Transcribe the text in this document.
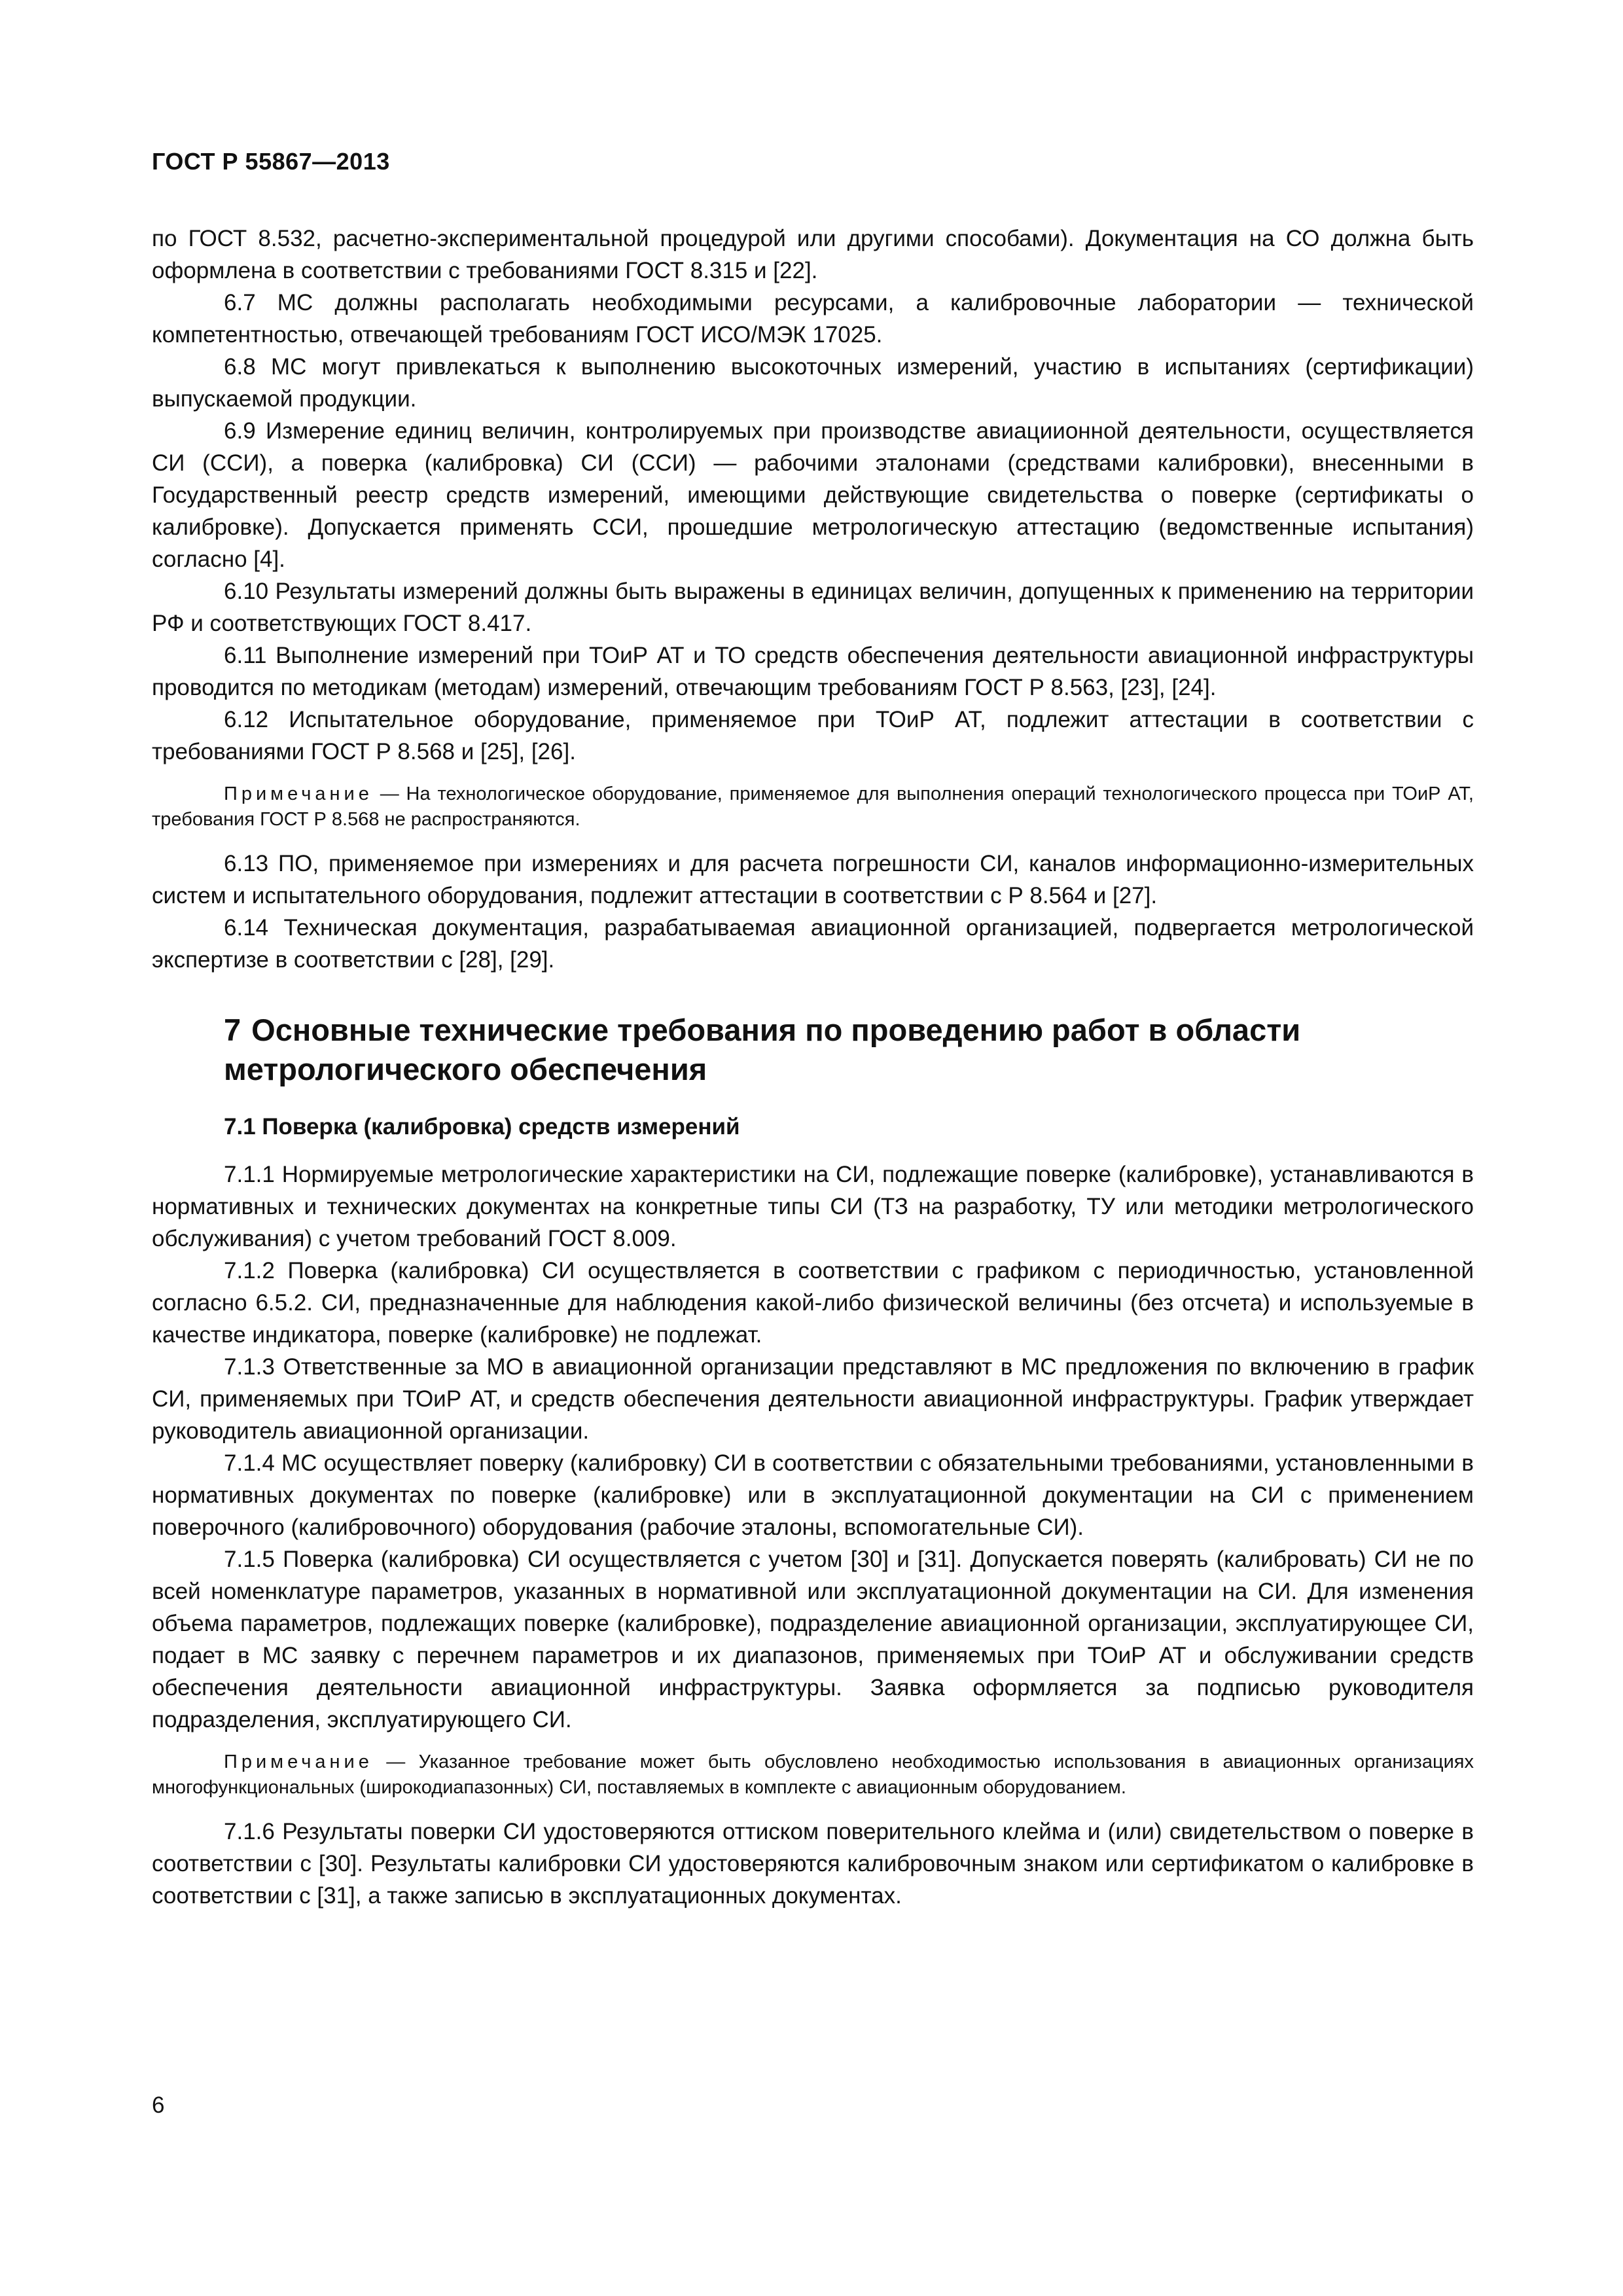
ГОСТ Р 55867—2013

по ГОСТ 8.532, расчетно-экспериментальной процедурой или другими способами). Документация на СО должна быть оформлена в соответствии с требованиями ГОСТ 8.315 и [22].

6.7 МС должны располагать необходимыми ресурсами, а калибровочные лаборатории — технической компетентностью, отвечающей требованиям ГОСТ ИСО/МЭК 17025.

6.8 МС могут привлекаться к выполнению высокоточных измерений, участию в испытаниях (сертификации) выпускаемой продукции.

6.9 Измерение единиц величин, контролируемых при производстве авиациионной деятельности, осуществляется СИ (ССИ), а поверка (калибровка) СИ (ССИ) — рабочими эталонами (средствами калибровки), внесенными в Государственный реестр средств измерений, имеющими действующие свидетельства о поверке (сертификаты о калибровке). Допускается применять ССИ, прошедшие метрологическую аттестацию (ведомственные испытания) согласно [4].

6.10 Результаты измерений должны быть выражены в единицах величин, допущенных к применению на территории РФ и соответствующих ГОСТ 8.417.

6.11 Выполнение измерений при ТОиР АТ и ТО средств обеспечения деятельности авиационной инфраструктуры проводится по методикам (методам) измерений, отвечающим требованиям ГОСТ Р 8.563, [23], [24].

6.12 Испытательное оборудование, применяемое при ТОиР АТ, подлежит аттестации в соответствии с требованиями ГОСТ Р 8.568 и [25], [26].

Примечание — На технологическое оборудование, применяемое для выполнения операций технологического процесса при ТОиР АТ, требования ГОСТ Р 8.568 не распространяются.

6.13 ПО, применяемое при измерениях и для расчета погрешности СИ, каналов информационно-измерительных систем и испытательного оборудования, подлежит аттестации в соответствии с Р 8.564 и [27].

6.14 Техническая документация, разрабатываемая авиационной организацией, подвергается метрологической экспертизе в соответствии с [28], [29].

7 Основные технические требования по проведению работ в области метрологического обеспечения

7.1 Поверка (калибровка) средств измерений

7.1.1 Нормируемые метрологические характеристики на СИ, подлежащие поверке (калибровке), устанавливаются в нормативных и технических документах на конкретные типы СИ (ТЗ на разработку, ТУ или методики метрологического обслуживания) с учетом требований ГОСТ 8.009.

7.1.2 Поверка (калибровка) СИ осуществляется в соответствии с графиком с периодичностью, установленной согласно 6.5.2. СИ, предназначенные для наблюдения какой-либо физической величины (без отсчета) и используемые в качестве индикатора, поверке (калибровке) не подлежат.

7.1.3 Ответственные за МО в авиационной организации представляют в МС предложения по включению в график СИ, применяемых при ТОиР АТ, и средств обеспечения деятельности авиационной инфраструктуры. График утверждает руководитель авиационной организации.

7.1.4 МС осуществляет поверку (калибровку) СИ в соответствии с обязательными требованиями, установленными в нормативных документах по поверке (калибровке) или в эксплуатационной документации на СИ с применением поверочного (калибровочного) оборудования (рабочие эталоны, вспомогательные СИ).

7.1.5 Поверка (калибровка) СИ осуществляется с учетом [30] и [31]. Допускается поверять (калибровать) СИ не по всей номенклатуре параметров, указанных в нормативной или эксплуатационной документации на СИ. Для изменения объема параметров, подлежащих поверке (калибровке), подразделение авиационной организации, эксплуатирующее СИ, подает в МС заявку с перечнем параметров и их диапазонов, применяемых при ТОиР АТ и обслуживании средств обеспечения деятельности авиационной инфраструктуры. Заявка оформляется за подписью руководителя подразделения, эксплуатирующего СИ.

Примечание — Указанное требование может быть обусловлено необходимостью использования в авиационных организациях многофункциональных (широкодиапазонных) СИ, поставляемых в комплекте с авиационным оборудованием.

7.1.6 Результаты поверки СИ удостоверяются оттиском поверительного клейма и (или) свидетельством о поверке в соответствии с [30]. Результаты калибровки СИ удостоверяются калибровочным знаком или сертификатом о калибровке в соответствии с [31], а также записью в эксплуатационных документах.

6
